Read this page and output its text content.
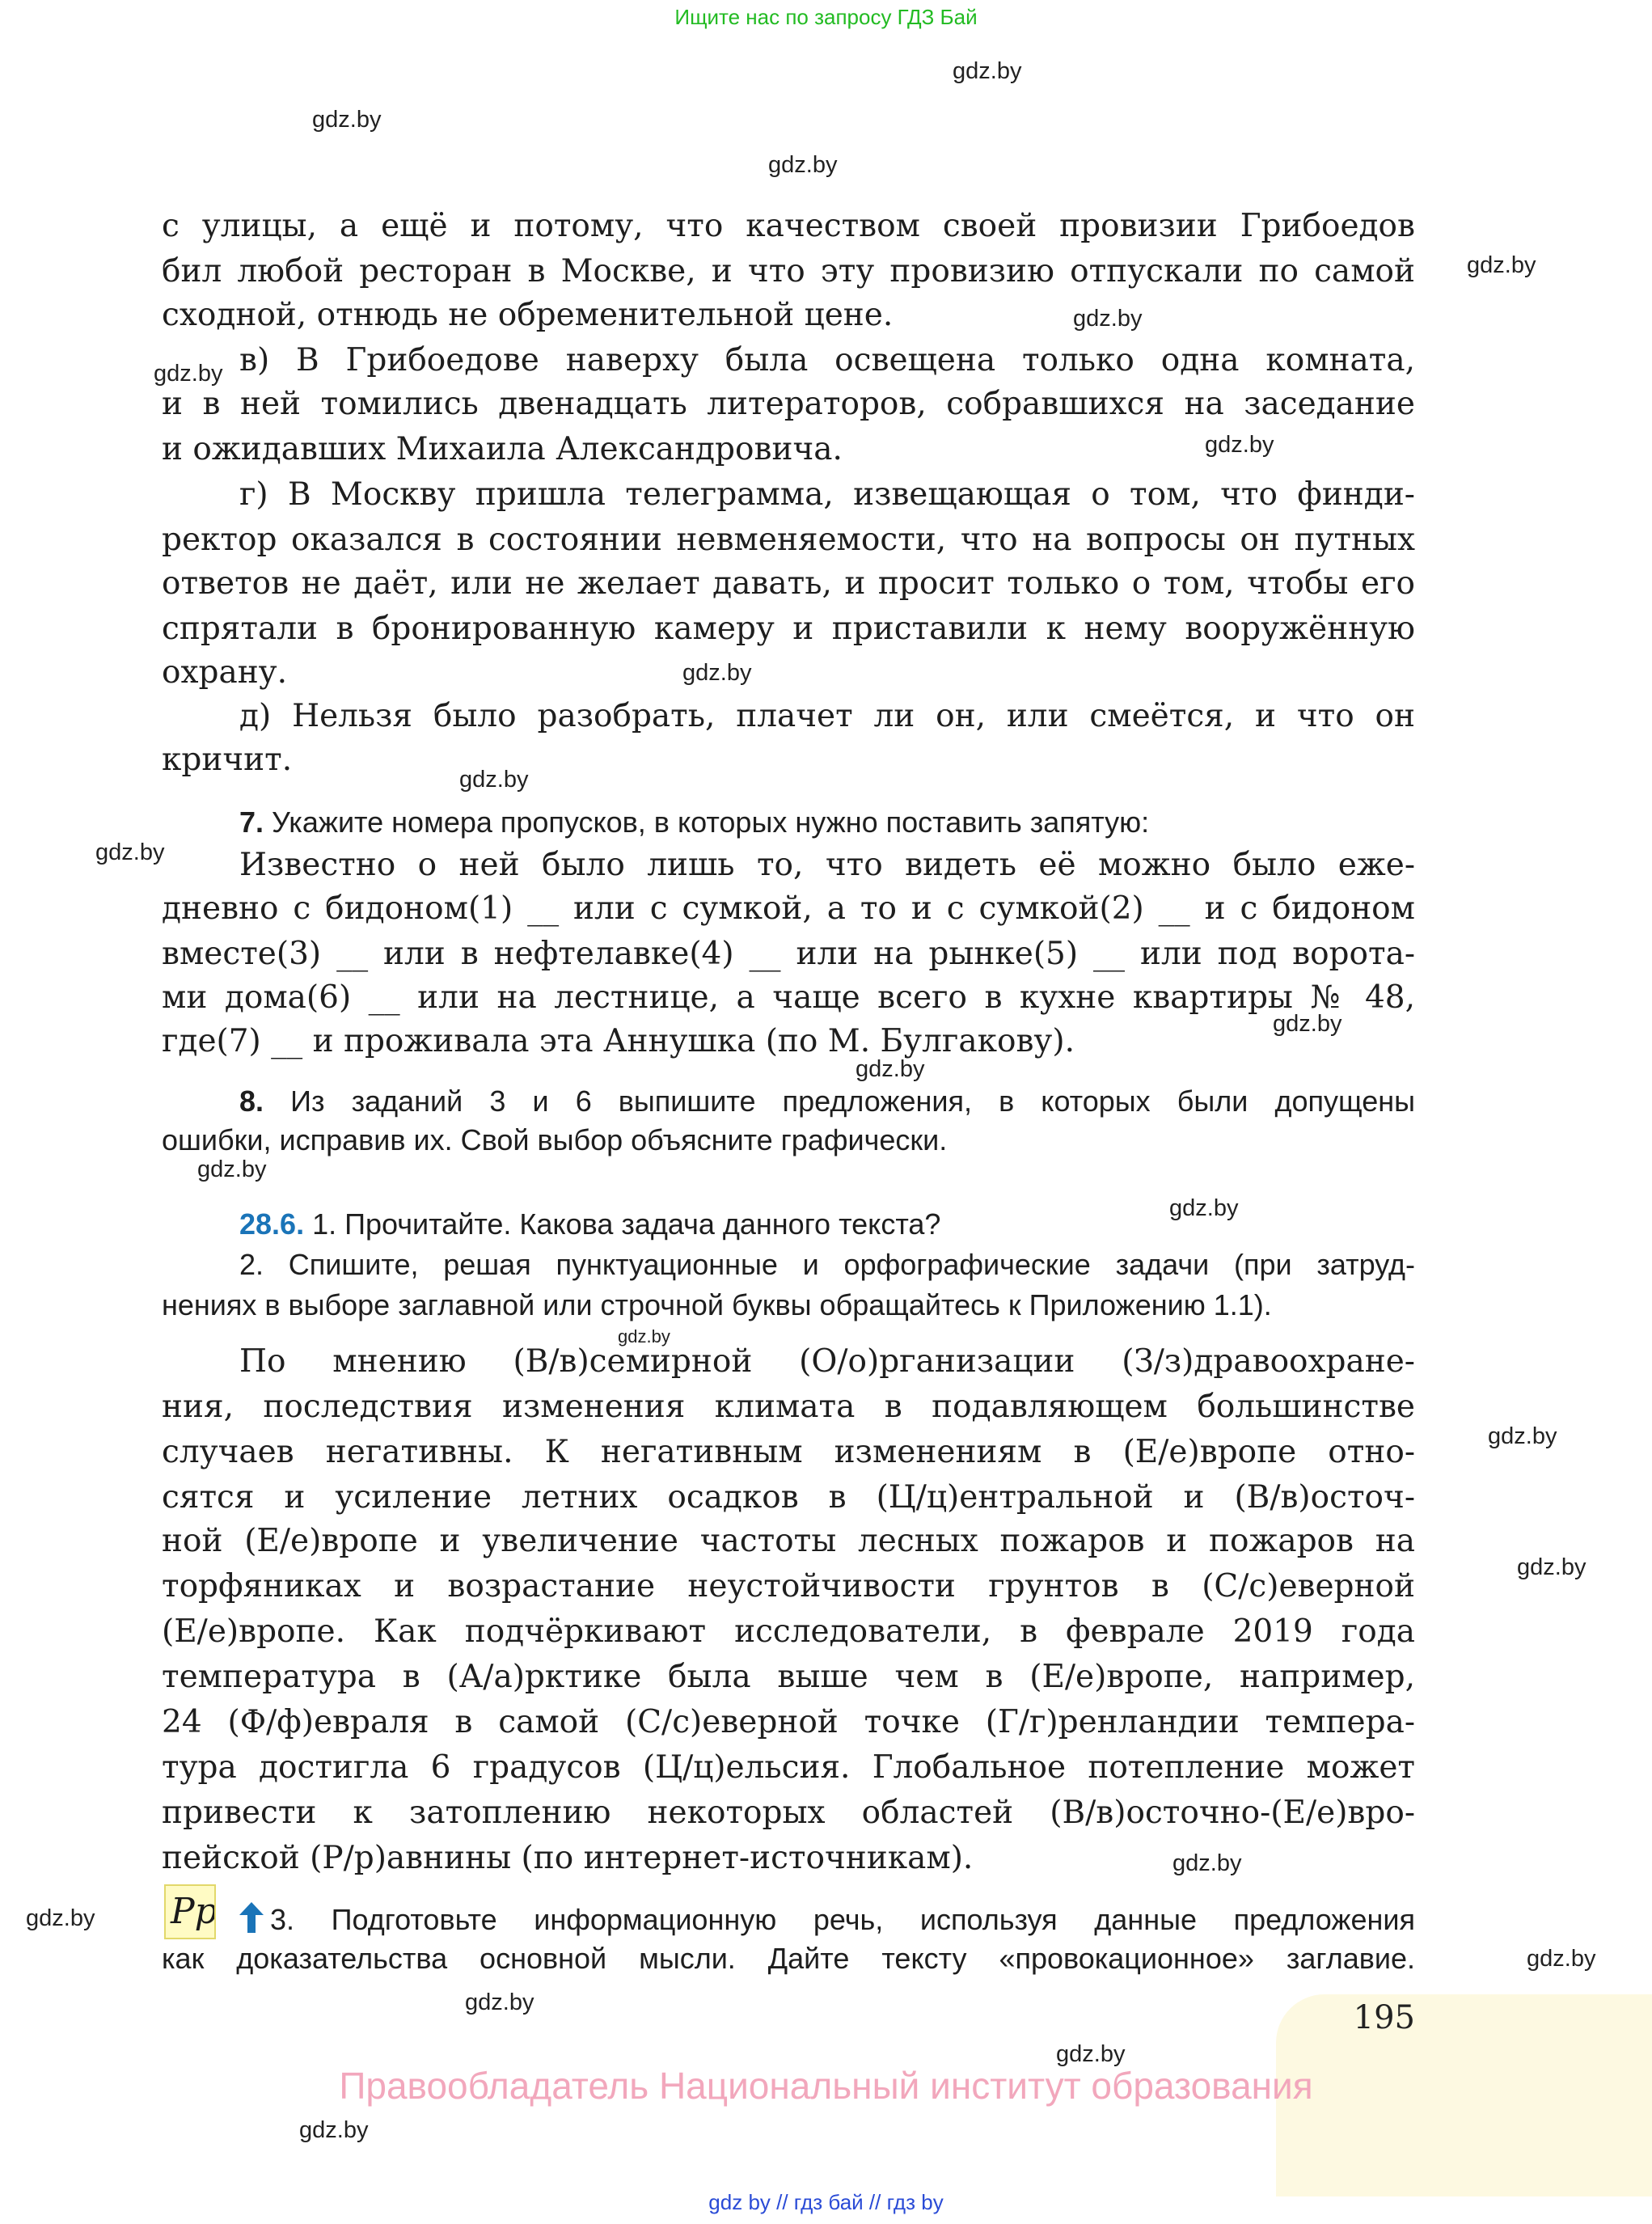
Ищите нас по запросу ГДЗ Бай
с улицы, а ещё и потому, что качеством своей провизии Грибоедов
бил любой ресторан в Москве, и что эту провизию отпускали по самой
сходной, отнюдь не обременительной цене.
в) В Грибоедове наверху была освещена только одна комната,
и в ней томились двенадцать литераторов, собравшихся на заседание
и ожидавших Михаила Александровича.
г) В Москву пришла телеграмма, извещающая о том, что финди-
ректор оказался в состоянии невменяемости, что на вопросы он путных
ответов не даёт, или не желает давать, и просит только о том, чтобы его
спрятали в бронированную камеру и приставили к нему вооружённую
охрану.
д) Нельзя было разобрать, плачет ли он, или смеётся, и что он
кричит.
7. Укажите номера пропусков, в которых нужно поставить запятую:
Известно о ней было лишь то, что видеть её можно было еже-
дневно с бидоном(1) __ или с сумкой, а то и с сумкой(2) __ и с бидоном
вместе(3) __ или в нефтелавке(4) __ или на рынке(5) __ или под ворота-
ми дома(6) __ или на лестнице, а чаще всего в кухне квартиры № 48,
где(7) __ и проживала эта Аннушка (по М. Булгакову).
8. Из заданий 3 и 6 выпишите предложения, в которых были допущены
ошибки, исправив их. Свой выбор объясните графически.
28.6. 1. Прочитайте. Какова задача данного текста?
2. Спишите, решая пунктуационные и орфографические задачи (при затруд-
нениях в выборе заглавной или строчной буквы обращайтесь к Приложению 1.1).
По мнению (В/в)семирной (О/о)рганизации (З/з)дравоохране-
ния, последствия изменения климата в подавляющем большинстве
случаев негативны. К негативным изменениям в (Е/е)вропе отно-
сятся и усиление летних осадков в (Ц/ц)ентральной и (В/в)осточ-
ной (Е/е)вропе и увеличение частоты лесных пожаров и пожаров на
торфяниках и возрастание неустойчивости грунтов в (С/с)еверной
(Е/е)вропе. Как подчёркивают исследователи, в феврале 2019 года
температура в (А/а)рктике была выше чем в (Е/е)вропе, например,
24 (Ф/ф)евраля в самой (С/с)еверной точке (Г/г)ренландии темпера-
тура достигла 6 градусов (Ц/ц)ельсия. Глобальное потепление может
привести к затоплению некоторых областей (В/в)осточно-(Е/е)вро-
пейской (Р/р)авнины (по интернет-источникам).
Рр 3. Подготовьте информационную речь, используя данные предложения
как доказательства основной мысли. Дайте тексту «провокационное» заглавие.
195
Правообладатель Национальный институт образования
gdz.by
gdz.by
gdz.by
gdz.by
gdz.by
gdz.by
gdz.by
gdz.by
gdz.by
gdz.by
gdz.by
gdz.by
gdz.by
gdz.by
gdz.by
gdz.by
gdz.by
gdz.by
gdz.by
gdz.by
gdz.by
gdz.by
gdz.by
gdz by // гдз бай // гдз by
